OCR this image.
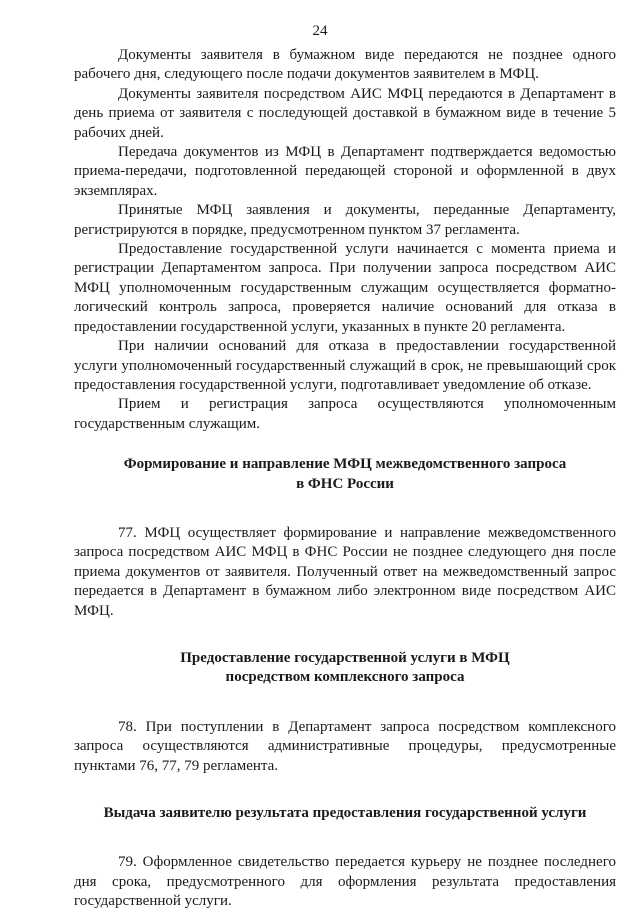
24

Документы заявителя в бумажном виде передаются не позднее одного рабочего дня, следующего после подачи документов заявителем в МФЦ.

Документы заявителя посредством АИС МФЦ передаются в Департамент в день приема от заявителя с последующей доставкой в бумажном виде в течение 5 рабочих дней.

Передача документов из МФЦ в Департамент подтверждается ведомостью приема-передачи, подготовленной передающей стороной и оформленной в двух экземплярах.

Принятые МФЦ заявления и документы, переданные Департаменту, регистрируются в порядке, предусмотренном пунктом 37 регламента.

Предоставление государственной услуги начинается с момента приема и регистрации Департаментом запроса. При получении запроса посредством АИС МФЦ уполномоченным государственным служащим осуществляется форматно-логический контроль запроса, проверяется наличие оснований для отказа в предоставлении государственной услуги, указанных в пункте 20 регламента.

При наличии оснований для отказа в предоставлении государственной услуги уполномоченный государственный служащий в срок, не превышающий срок предоставления государственной услуги, подготавливает уведомление об отказе.

Прием и регистрация запроса осуществляются уполномоченным государственным служащим.

Формирование и направление МФЦ межведомственного запроса
в ФНС России

77. МФЦ осуществляет формирование и направление межведомственного запроса посредством АИС МФЦ в ФНС России не позднее следующего дня после приема документов от заявителя. Полученный ответ на межведомственный запрос передается в Департамент в бумажном либо электронном виде посредством АИС МФЦ.

Предоставление государственной услуги в МФЦ
посредством комплексного запроса

78. При поступлении в Департамент запроса посредством комплексного запроса осуществляются административные процедуры, предусмотренные пунктами 76, 77, 79 регламента.

Выдача заявителю результата предоставления государственной услуги

79. Оформленное свидетельство передается курьеру не позднее последнего дня срока, предусмотренного для оформления результата предоставления государственной услуги.
